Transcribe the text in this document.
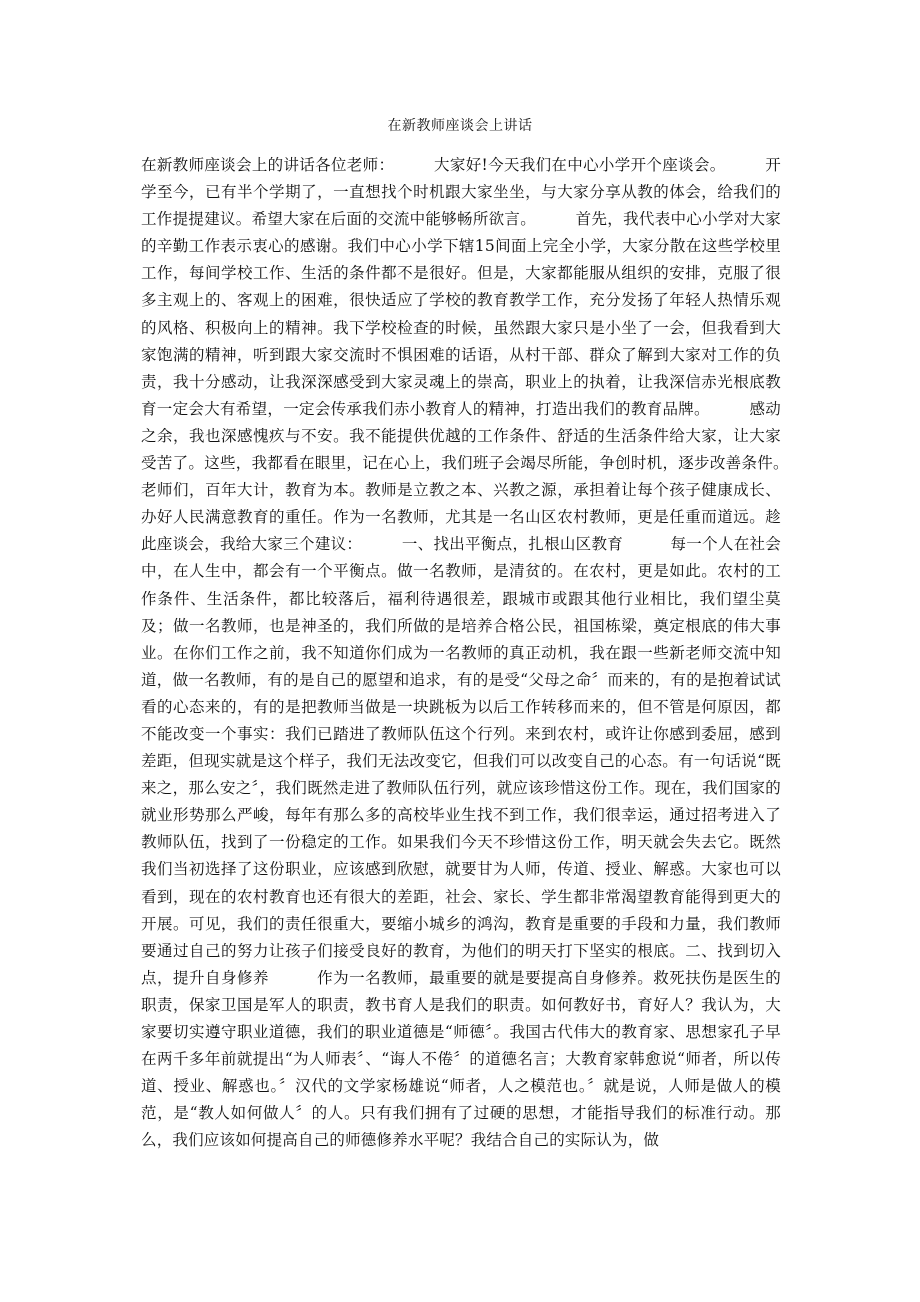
在新教师座谈会上讲话
在新教师座谈会上的讲话各位老师：　　　大家好!今天我们在中心小学开个座谈会。　　　开学至今，已有半个学期了，一直想找个时机跟大家坐坐，与大家分享从教的体会，给我们的工作提提建议。希望大家在后面的交流中能够畅所欲言。　　　首先，我代表中心小学对大家的辛勤工作表示衷心的感谢。我们中心小学下辖15间面上完全小学，大家分散在这些学校里工作，每间学校工作、生活的条件都不是很好。但是，大家都能服从组织的安排，克服了很多主观上的、客观上的困难，很快适应了学校的教育教学工作，充分发扬了年轻人热情乐观的风格、积极向上的精神。我下学校检查的时候，虽然跟大家只是小坐了一会，但我看到大家饱满的精神，听到跟大家交流时不惧困难的话语，从村干部、群众了解到大家对工作的负责，我十分感动，让我深深感受到大家灵魂上的崇高，职业上的执着，让我深信赤光根底教育一定会大有希望，一定会传承我们赤小教育人的精神，打造出我们的教育品牌。　　　感动之余，我也深感愧疚与不安。我不能提供优越的工作条件、舒适的生活条件给大家，让大家受苦了。这些，我都看在眼里，记在心上，我们班子会竭尽所能，争创时机，逐步改善条件。　　　老师们，百年大计，教育为本。教师是立教之本、兴教之源，承担着让每个孩子健康成长、办好人民满意教育的重任。作为一名教师，尤其是一名山区农村教师，更是任重而道远。趁此座谈会，我给大家三个建议：　　　一、找出平衡点，扎根山区教育　　　每一个人在社会中，在人生中，都会有一个平衡点。做一名教师，是清贫的。在农村，更是如此。农村的工作条件、生活条件，都比较落后，福利待遇很差，跟城市或跟其他行业相比，我们望尘莫及；做一名教师，也是神圣的，我们所做的是培养合格公民，祖国栋梁，奠定根底的伟大事业。在你们工作之前，我不知道你们成为一名教师的真正动机，我在跟一些新老师交流中知道，做一名教师，有的是自己的愿望和追求，有的是受“父母之命〞而来的，有的是抱着试试看的心态来的，有的是把教师当做是一块跳板为以后工作转移而来的，但不管是何原因，都不能改变一个事实：我们已踏进了教师队伍这个行列。来到农村，或许让你感到委屈，感到差距，但现实就是这个样子，我们无法改变它，但我们可以改变自己的心态。有一句话说“既来之，那么安之〞，我们既然走进了教师队伍行列，就应该珍惜这份工作。现在，我们国家的就业形势那么严峻，每年有那么多的高校毕业生找不到工作，我们很幸运，通过招考进入了教师队伍，找到了一份稳定的工作。如果我们今天不珍惜这份工作，明天就会失去它。既然我们当初选择了这份职业，应该感到欣慰，就要甘为人师，传道、授业、解惑。大家也可以看到，现在的农村教育也还有很大的差距，社会、家长、学生都非常渴望教育能得到更大的开展。可见，我们的责任很重大，要缩小城乡的鸿沟，教育是重要的手段和力量，我们教师要通过自己的努力让孩子们接受良好的教育，为他们的明天打下坚实的根底。二、找到切入点，提升自身修养　　　作为一名教师，最重要的就是要提高自身修养。救死扶伤是医生的职责，保家卫国是军人的职责，教书育人是我们的职责。如何教好书，育好人？我认为，大家要切实遵守职业道德，我们的职业道德是“师德〞。我国古代伟大的教育家、思想家孔子早在两千多年前就提出“为人师表〞、“诲人不倦〞的道德名言；大教育家韩愈说“师者，所以传道、授业、解惑也。〞汉代的文学家杨雄说“师者，人之模范也。〞就是说，人师是做人的模范，是“教人如何做人〞的人。只有我们拥有了过硬的思想，才能指导我们的标准行动。那么，我们应该如何提高自己的师德修养水平呢？我结合自己的实际认为，做
